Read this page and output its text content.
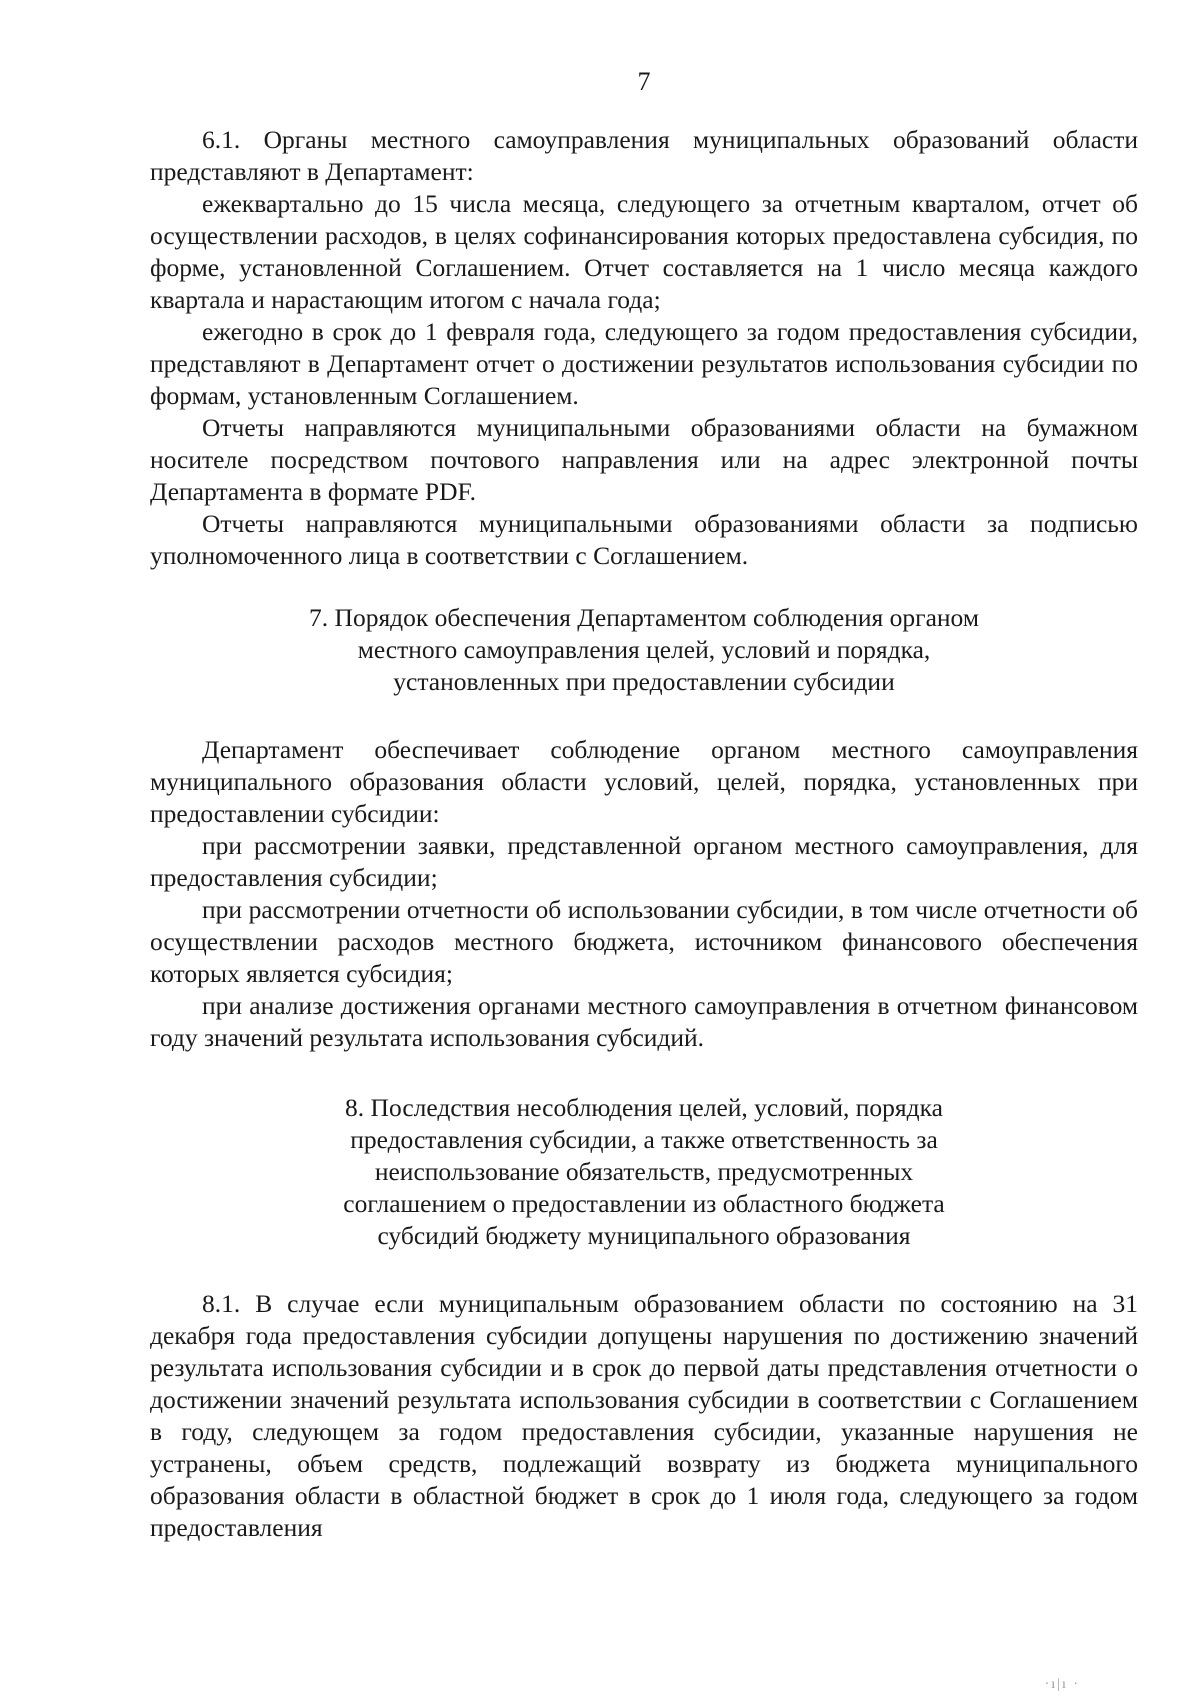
7

6.1. Органы местного самоуправления муниципальных образований области представляют в Департамент:

ежеквартально до 15 числа месяца, следующего за отчетным кварталом, отчет об осуществлении расходов, в целях софинансирования которых предоставлена субсидия, по форме, установленной Соглашением. Отчет составляется на 1 число месяца каждого квартала и нарастающим итогом с начала года;

ежегодно в срок до 1 февраля года, следующего за годом предоставления субсидии, представляют в Департамент отчет о достижении результатов использования субсидии по формам, установленным Соглашением.

Отчеты направляются муниципальными образованиями области на бумажном носителе посредством почтового направления или на адрес электронной почты Департамента в формате PDF.

Отчеты направляются муниципальными образованиями области за подписью уполномоченного лица в соответствии с Соглашением.

7. Порядок обеспечения Департаментом соблюдения органом местного самоуправления целей, условий и порядка, установленных при предоставлении субсидии

Департамент обеспечивает соблюдение органом местного самоуправления муниципального образования области условий, целей, порядка, установленных при предоставлении субсидии:

при рассмотрении заявки, представленной органом местного самоуправления, для предоставления субсидии;

при рассмотрении отчетности об использовании субсидии, в том числе отчетности об осуществлении расходов местного бюджета, источником финансового обеспечения которых является субсидия;

при анализе достижения органами местного самоуправления в отчетном финансовом году значений результата использования субсидий.

8. Последствия несоблюдения целей, условий, порядка предоставления субсидии, а также ответственность за неиспользование обязательств, предусмотренных соглашением о предоставлении из областного бюджета субсидий бюджету муниципального образования

8.1. В случае если муниципальным образованием области по состоянию на 31 декабря года предоставления субсидии допущены нарушения по достижению значений результата использования субсидии и в срок до первой даты представления отчетности о достижении значений результата использования субсидии в соответствии с Соглашением в году, следующем за годом предоставления субсидии, указанные нарушения не устранены, объем средств, подлежащий возврату из бюджета муниципального образования области в областной бюджет в срок до 1 июля года, следующего за годом предоставления

·ı|ı ·
